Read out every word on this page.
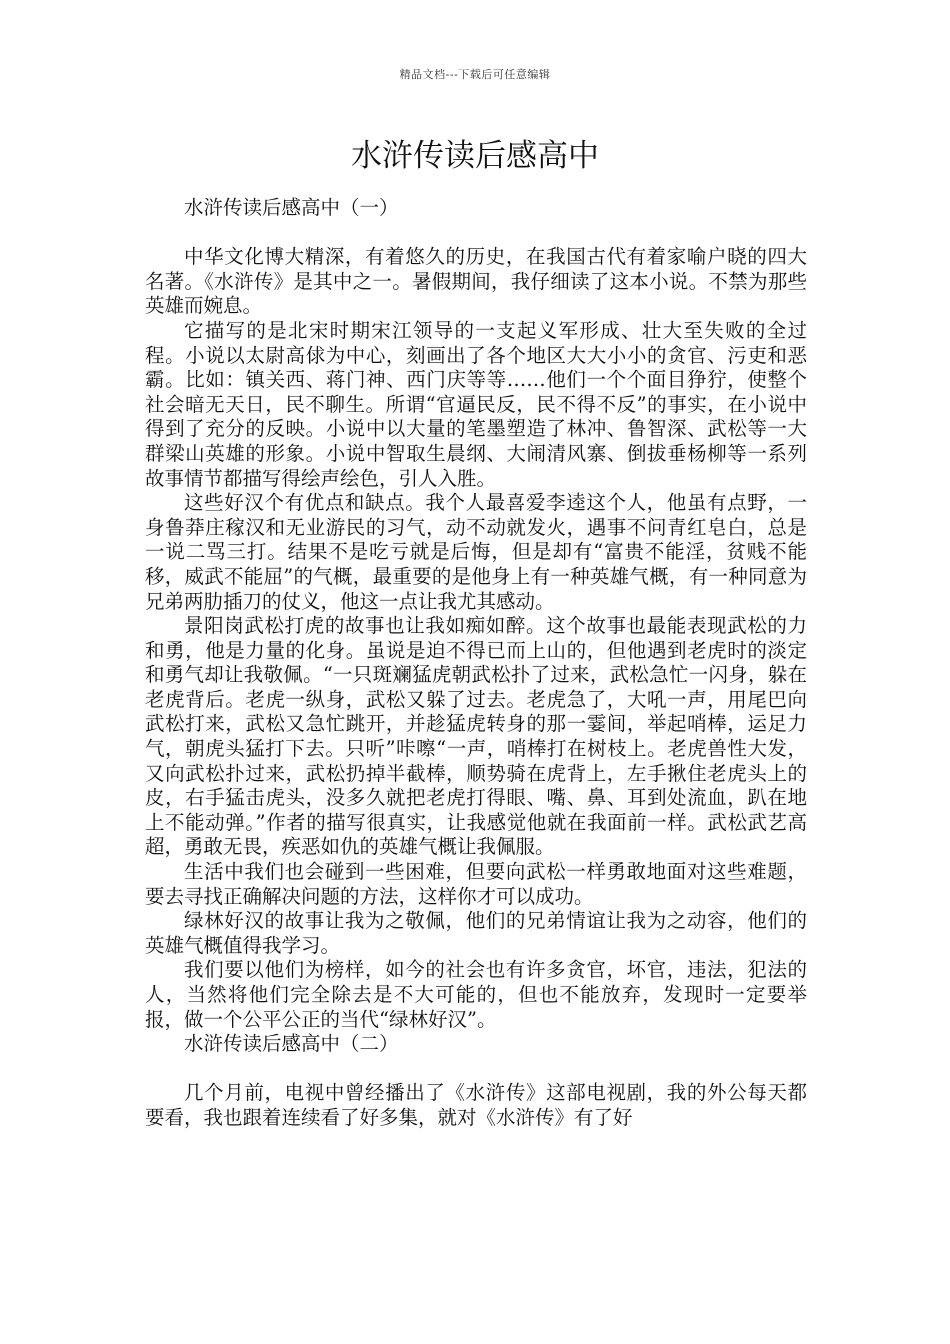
精品文档---下载后可任意编辑
水浒传读后感高中

水浒传读后感高中（一）

中华文化博大精深，有着悠久的历史，在我国古代有着家喻户晓的四大名著。《水浒传》是其中之一。暑假期间，我仔细读了这本小说。不禁为那些英雄而婉息。

它描写的是北宋时期宋江领导的一支起义军形成、壮大至失败的全过程。小说以太尉高俅为中心，刻画出了各个地区大大小小的贪官、污吏和恶霸。比如：镇关西、蒋门神、西门庆等等……他们一个个面目狰狞，使整个社会暗无天日，民不聊生。所谓“官逼民反，民不得不反”的事实，在小说中得到了充分的反映。小说中以大量的笔墨塑造了林冲、鲁智深、武松等一大群梁山英雄的形象。小说中智取生晨纲、大闹清风寨、倒拔垂杨柳等一系列故事情节都描写得绘声绘色，引人入胜。

这些好汉个有优点和缺点。我个人最喜爱李逵这个人，他虽有点野，一身鲁莽庄稼汉和无业游民的习气，动不动就发火，遇事不问青红皂白，总是一说二骂三打。结果不是吃亏就是后悔，但是却有“富贵不能淫，贫贱不能移，威武不能屈”的气概，最重要的是他身上有一种英雄气概，有一种同意为兄弟两肋插刀的仗义，他这一点让我尤其感动。

景阳岗武松打虎的故事也让我如痴如醉。这个故事也最能表现武松的力和勇，他是力量的化身。虽说是迫不得已而上山的，但他遇到老虎时的淡定和勇气却让我敬佩。“一只斑斓猛虎朝武松扑了过来，武松急忙一闪身，躲在老虎背后。老虎一纵身，武松又躲了过去。老虎急了，大吼一声，用尾巴向武松打来，武松又急忙跳开，并趁猛虎转身的那一霎间，举起哨棒，运足力气，朝虎头猛打下去。只听”咔嚓“一声，哨棒打在树枝上。老虎兽性大发，又向武松扑过来，武松扔掉半截棒，顺势骑在虎背上，左手揪住老虎头上的皮，右手猛击虎头，没多久就把老虎打得眼、嘴、鼻、耳到处流血，趴在地上不能动弹。”作者的描写很真实，让我感觉他就在我面前一样。武松武艺高超，勇敢无畏，疾恶如仇的英雄气概让我佩服。

生活中我们也会碰到一些困难，但要向武松一样勇敢地面对这些难题，要去寻找正确解决问题的方法，这样你才可以成功。

绿林好汉的故事让我为之敬佩，他们的兄弟情谊让我为之动容，他们的英雄气概值得我学习。

我们要以他们为榜样，如今的社会也有许多贪官，坏官，违法，犯法的人，当然将他们完全除去是不大可能的，但也不能放弃，发现时一定要举报，做一个公平公正的当代“绿林好汉”。

水浒传读后感高中（二）

几个月前，电视中曾经播出了《水浒传》这部电视剧，我的外公每天都要看，我也跟着连续看了好多集，就对《水浒传》有了好
